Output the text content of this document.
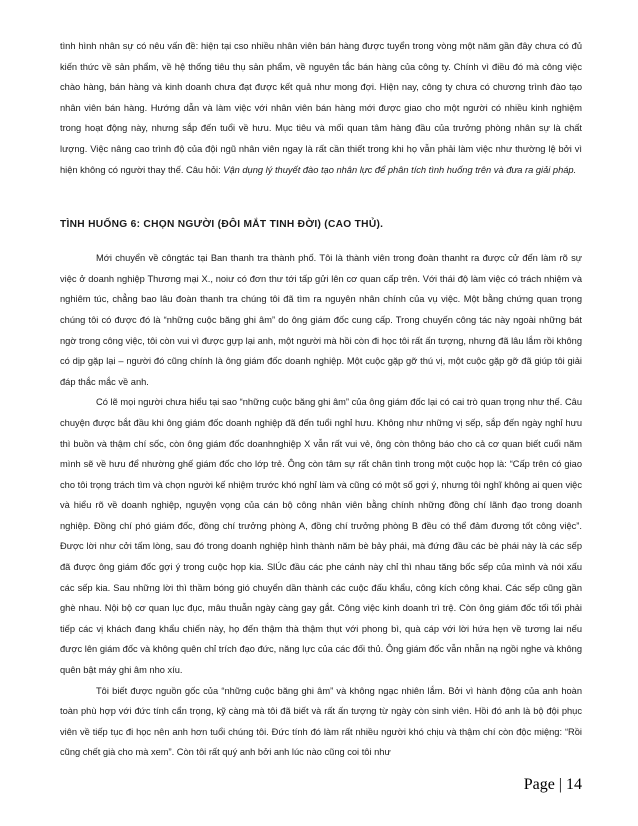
tình hình nhân sự có nêu vấn đề: hiện tại cso nhiều nhân viên bán hàng được tuyển trong vòng một năm gần đây chưa có đủ kiến thức về sản phẩm, về hệ thống tiêu thụ sản phẩm, về nguyên tắc bán hàng của công ty. Chính vì điều đó mà công việc chào hàng, bán hàng và kinh doanh chưa đạt được kết quả như mong đợi. Hiện nay, công ty chưa có chương trình đào tạo nhân viên bán hàng. Hướng dẫn và làm việc với nhân viên bán hàng mới được giao cho một người có nhiều kinh nghiệm trong hoạt động này, nhưng sắp đến tuổi về hưu. Mục tiêu và mối quan tâm hàng đầu của trưởng phòng nhân sự là chất lượng. Việc nâng cao trình độ của đội ngũ nhân viên ngay là rất cần thiết trong khi họ vẫn phải làm việc như thường lệ bởi vì hiện không có người thay thế. Câu hỏi: Vận dụng lý thuyết đào tạo nhân lực để phân tích tình huống trên và đưa ra giải pháp.

TÌNH HUỐNG 6: CHỌN NGƯỜI (ĐÔI MẮT TINH ĐỜI) (CAO THỦ).

Mới chuyển về côngtác tại Ban thanh tra thành phố. Tôi là thành viên trong đoàn thanht ra được cử đến làm rõ sự việc ở doanh nghiệp Thương mại X., noiư có đơn thư tới tấp gửi lên cơ quan cấp trên. Với thái độ làm việc có trách nhiệm và nghiêm túc, chẳng bao lâu đoàn thanh tra chúng tôi đã tìm ra nguyên nhân chính của vụ việc. Một bằng chứng quan trọng chúng tôi có được đó là “những cuộc băng ghi âm” do ông giám đốc cung cấp. Trong chuyến công tác này ngoài những bát ngờ trong công việc, tôi còn vui vì được gựp lại anh, một người mà hồi còn đi học tôi rất ấn tượng, nhưng đã lâu lắm rồi không có dịp gặp lại – người đó cũng chính là ông giám đốc doanh nghiệp. Một cuộc gặp gỡ thú vị, một cuộc gặp gỡ đã giúp tôi giải đáp thắc mắc về anh.

Có lẽ mọi người chưa hiểu tại sao “những cuộc băng ghi âm” của ông giám đốc lại có cai trò quan trọng như thế. Câu chuyện được bắt đầu khi ông giám đốc doanh nghiệp đã đến tuổi nghỉ hưu. Không như những vị sếp, sắp đến ngày nghỉ hưu thì buồn và thậm chí sốc, còn ông giám đốc doanhnghiệp X vẫn rất vui vẻ, ông còn thông báo cho cả cơ quan biết cuối năm mình sẽ về hưu để nhường ghế giám đốc cho lớp trẻ. Ông còn tâm sự rất chân tình trong một cuộc họp là: “Cấp trên có giao cho tôi trọng trách tìm và chọn người kế nhiệm trước khó nghỉ làm và cũng có một số gợi ý, nhưng tôi nghĩ không ai quen việc và hiểu rõ về doanh nghiệp, nguyện vọng của cán bộ công nhân viên bằng chính những đồng chí lãnh đạo trong doanh nghiệp. Đồng chí phó giám đốc, đồng chí trưởng phòng A, đồng chí trưởng phòng B đều có thể đảm đương tốt công việc”. Được lời như cởi tấm lòng, sau đó trong doanh nghiệp hình thành năm bè bảy phái, mà đứng đầu các bè phái này là các sếp đã được ông giám đốc gợi ý trong cuộc họp kia. SlÚc đầu các phe cánh này chỉ thì nhau tăng bốc sếp của mình và nói xấu các sếp kia. Sau những lời thì thầm bóng gió chuyển dần thành các cuộc đấu khẩu, công kích công khai. Các sếp cũng gần ghè nhau. Nội bộ cơ quan lục đục, mâu thuẫn ngày càng gay gắt. Công việc kinh doanh trì trệ. Còn ông giám đốc tối tối phải tiếp các vị khách đang khẩu chiến này, họ đến thậm thà thậm thụt với phong bì, quà cáp với lời hứa hẹn về tương lai nếu được lên giám đốc và không quên chỉ trích đạo đức, năng lực của các đối thủ. Ông giám đốc vẫn nhẫn nạ ngồi nghe và không quên bật máy ghi âm nho xíu.

Tôi biết được nguồn gốc của “những cuộc băng ghi âm” và không ngạc nhiên lắm. Bởi vì hành động của anh hoàn toàn phù hợp với đức tính cẩn trọng, kỹ càng mà tôi đã biết và rất ấn tượng từ ngày còn sinh viên. Hồi đó anh là bộ đội phục viên về tiếp tục đi học nên anh hơn tuổi chúng tôi. Đức tính đó làm rất nhiều người khó chịu và thậm chí còn độc miệng: “Rồi cũng chết già cho mà xem”. Còn tôi rất quý anh bởi anh lúc nào cũng coi tôi như

Page | 14
